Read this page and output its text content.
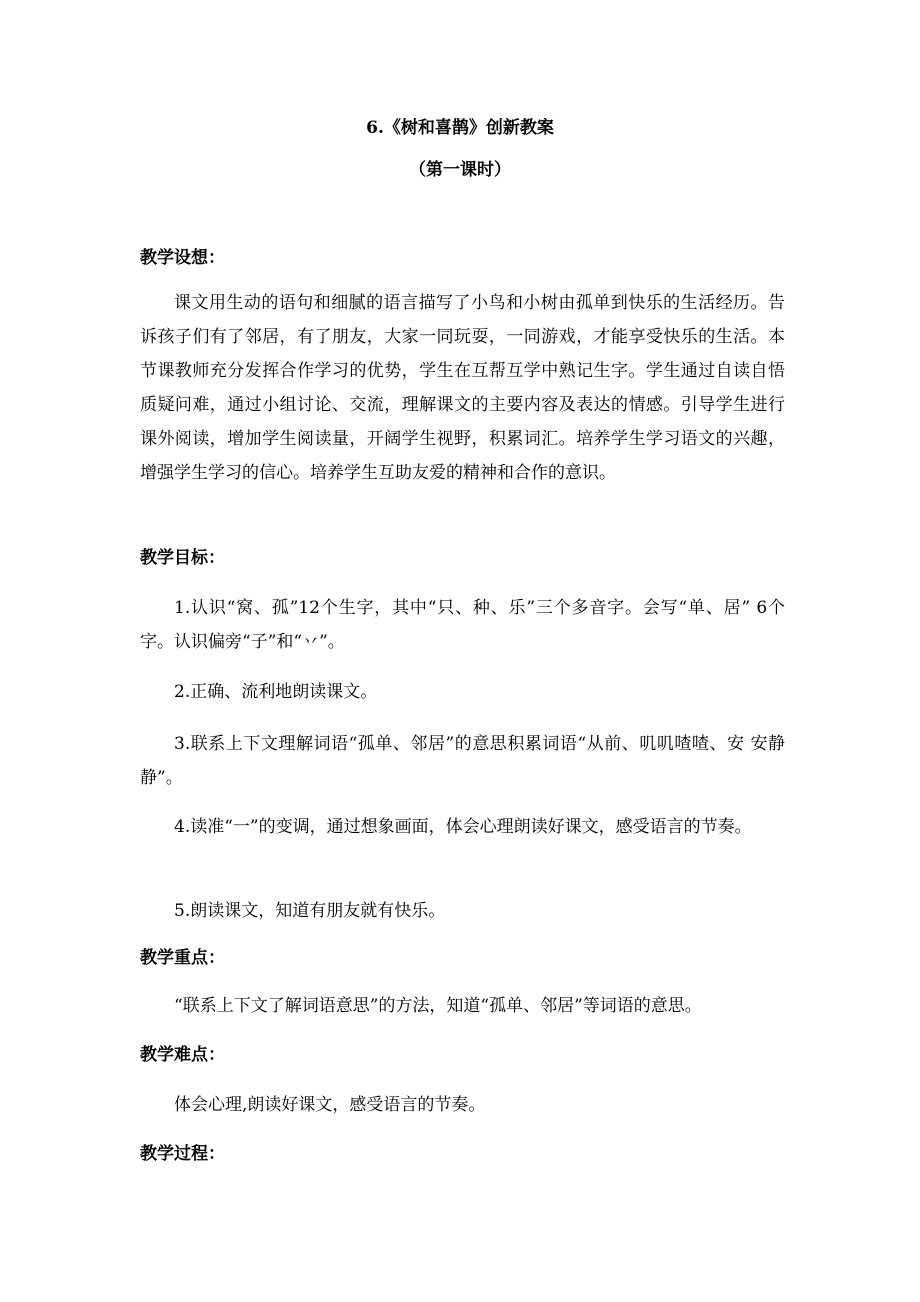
6.《树和喜鹊》创新教案
（第一课时）
教学设想：
课文用生动的语句和细腻的语言描写了小鸟和小树由孤单到快乐的生活经历。告诉孩子们有了邻居，有了朋友，大家一同玩耍，一同游戏，才能享受快乐的生活。本节课教师充分发挥合作学习的优势，学生在互帮互学中熟记生字。学生通过自读自悟质疑问难，通过小组讨论、交流，理解课文的主要内容及表达的情感。引导学生进行课外阅读，增加学生阅读量，开阔学生视野，积累词汇。培养学生学习语文的兴趣，增强学生学习的信心。培养学生互助友爱的精神和合作的意识。
教学目标：
1.认识“窝、孤”12个生字，其中“只、种、乐”三个多音字。会写“单、居” 6个字。认识偏旁“子”和“丷”。
2.正确、流利地朗读课文。
3.联系上下文理解词语“孤单、邻居”的意思积累词语“从前、叽叽喳喳、安 安静静”。
4.读准“一”的变调，通过想象画面，体会心理朗读好课文，感受语言的节奏。
5.朗读课文，知道有朋友就有快乐。
教学重点：
“联系上下文了解词语意思”的方法，知道“孤单、邻居”等词语的意思。
教学难点：
体会心理,朗读好课文，感受语言的节奏。
教学过程：
